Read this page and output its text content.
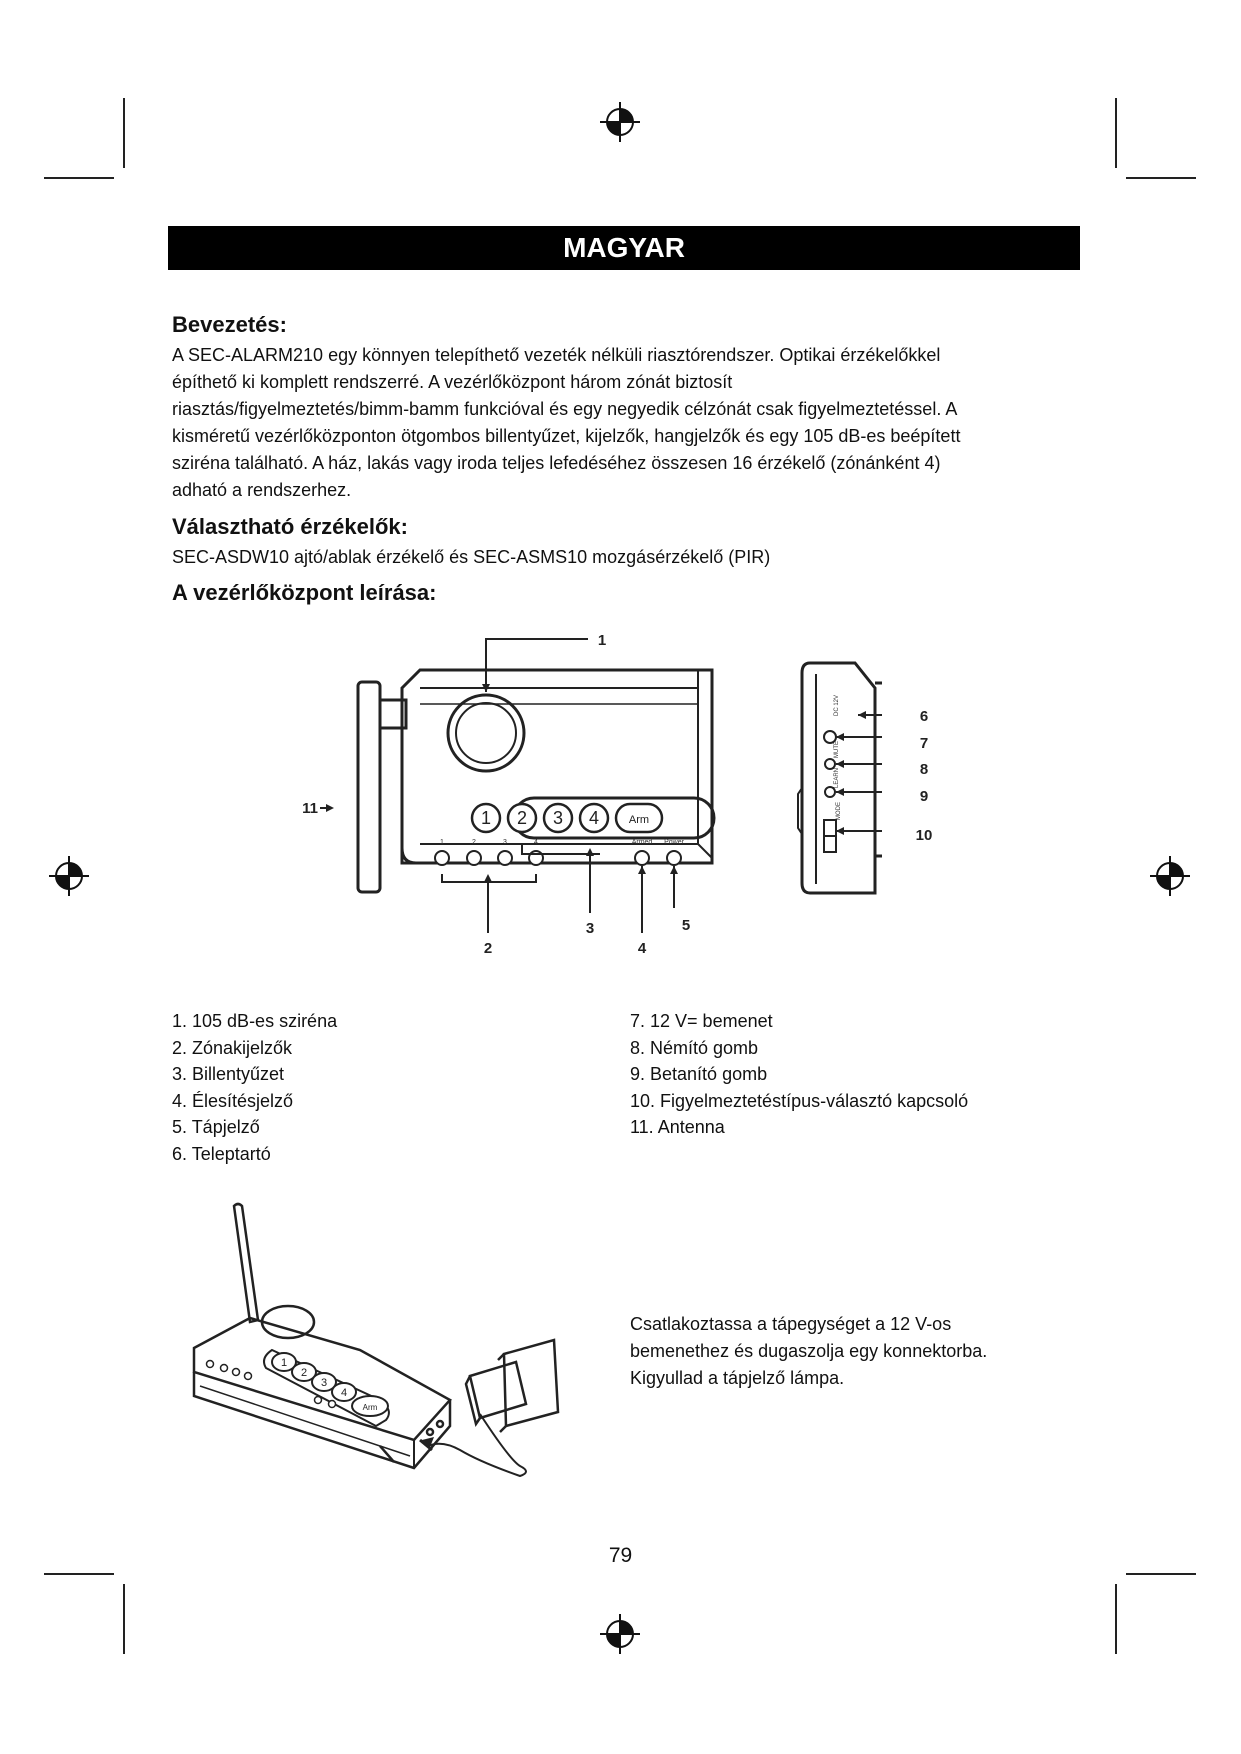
MAGYAR
Bevezetés:
A SEC-ALARM210 egy könnyen telepíthető vezeték nélküli riasztórendszer. Optikai érzékelőkkel
építhető ki komplett rendszerré. A vezérlőközpont három zónát biztosít
riasztás/figyelmeztetés/bimm-bamm funkcióval és egy negyedik célzónát csak figyelmeztetéssel. A
kisméretű vezérlőközponton ötgombos billentyűzet, kijelzők, hangjelzők és egy 105 dB-es beépített
sziréna található. A ház, lakás vagy iroda teljes lefedéséhez összesen 16 érzékelő (zónánként 4)
adható a rendszerhez.
Választható érzékelők:

SEC-ASDW10 ajtó/ablak érzékelő és SEC-ASMS10 mozgásérzékelő (PIR)

A vezérlőközpont leírása:
1 2 3 4	Arm
1	2	3	4	Armed Power
DC 12V
MUTE
LEARN
MODE
1
2
3
4
5
6
7
8
9
10
11
1. 105 dB-es sziréna
2. Zónakijelzők
3. Billentyűzet
4. Élesítésjelző
5. Tápjelző
6. Teleptartó
7. 12 V= bemenet
8. Némító gomb
9. Betanító gomb
10. Figyelmeztetéstípus-választó kapcsoló
11. Antenna
1
2
3
4
Arm
Csatlakoztassa a tápegységet a 12 V-os
bemenethez és dugaszolja egy konnektorba.
Kigyullad a tápjelző lámpa.
79
